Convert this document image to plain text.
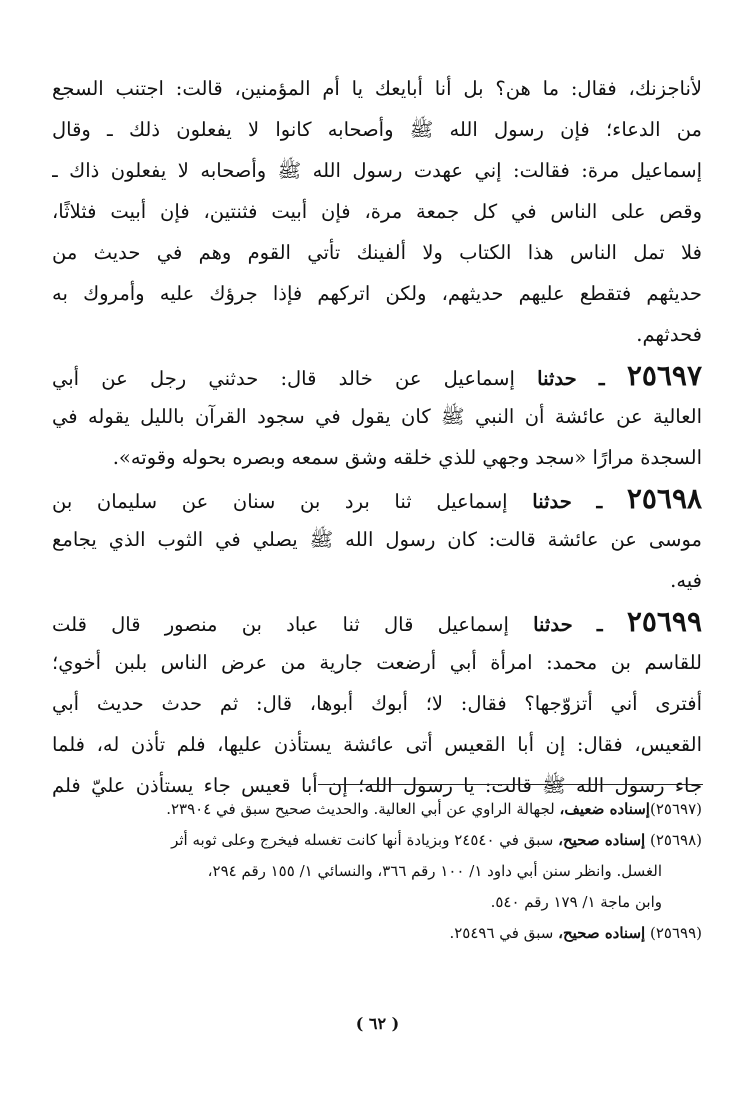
لأناجزنك، فقال: ما هن؟ بل أنا أبايعك يا أم المؤمنين، قالت: اجتنب السجع
من الدعاء؛ فإن رسول الله ﷺ وأصحابه كانوا لا يفعلون ذلك ـ وقال
إسماعيل مرة: فقالت: إني عهدت رسول الله ﷺ وأصحابه لا يفعلون ذاك ـ
وقص على الناس في كل جمعة مرة، فإن أبيت فثنتين، فإن أبيت فثلاثًا،
فلا تمل الناس هذا الكتاب ولا ألفينك تأتي القوم وهم في حديث من
حديثهم فتقطع عليهم حديثهم، ولكن اتركهم فإذا جرؤك عليه وأمروك به
فحدثهم.
٢٥٦٩٧ ـ حدثنا إسماعيل عن خالد قال: حدثني رجل عن أبي
العالية عن عائشة أن النبي ﷺ كان يقول في سجود القرآن بالليل يقوله في
السجدة مرارًا «سجد وجهي للذي خلقه وشق سمعه وبصره بحوله وقوته».
٢٥٦٩٨ ـ حدثنا إسماعيل ثنا برد بن سنان عن سليمان بن
موسى عن عائشة قالت: كان رسول الله ﷺ يصلي في الثوب الذي يجامع
فيه.
٢٥٦٩٩ ـ حدثنا إسماعيل قال ثنا عباد بن منصور قال قلت
للقاسم بن محمد: امرأة أبي أرضعت جارية من عرض الناس بلبن أخوي؛
أفترى أني أتزوّجها؟ فقال: لا؛ أبوك أبوها، قال: ثم حدث حديث أبي
القعيس، فقال: إن أبا القعيس أتى عائشة يستأذن عليها، فلم تأذن له، فلما
جاء رسول الله ﷺ قالت: يا رسول الله؛ إن أبا قعيس جاء يستأذن عليّ فلم
(٢٥٦٩٧)إسناده ضعيف، لجهالة الراوي عن أبي العالية. والحديث صحيح سبق في ٢٣٩٠٤.
(٢٥٦٩٨) إسناده صحيح، سبق في ٢٤٥٤٠ وبزيادة أنها كانت تغسله فيخرج وعلى ثوبه أثر
الغسل. وانظر سنن أبي داود ١/ ١٠٠ رقم ٣٦٦، والنسائي ١/ ١٥٥ رقم ٢٩٤،
وابن ماجة ١/ ١٧٩ رقم ٥٤٠.
(٢٥٦٩٩) إسناده صحيح، سبق في ٢٥٤٩٦.
( ٦٢ )
